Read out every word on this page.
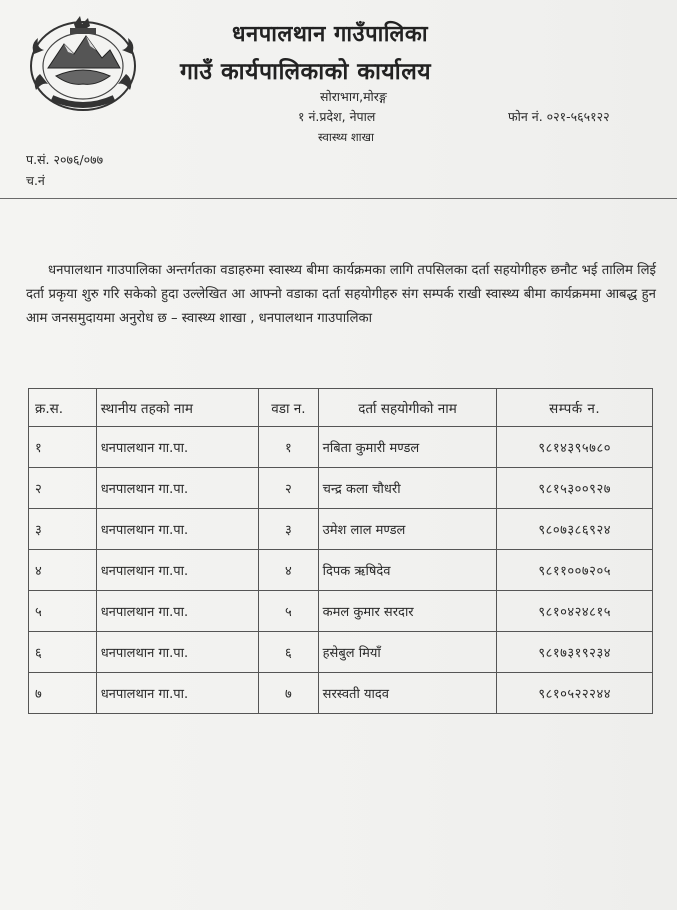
धनपालथान गाउँपालिका
गाउँ कार्यपालिकाको कार्यालय
सोराभाग,मोरङ्ग
१ नं.प्रदेश, नेपाल	फोन नं. ०२१-५६५१२२
स्वास्थ्य शाखा
प.सं. २०७६/०७७
च.नं

धनपालथान गाउपालिका अन्तर्गतका वडाहरुमा स्वास्थ्य बीमा कार्यक्रमका लागि तपसिलका दर्ता सहयोगीहरु छनौट भई तालिम लिई दर्ता प्रकृया शुरु गरि सकेको हुदा उल्लेखित आ आफ्नो वडाका दर्ता सहयोगीहरु संग सम्पर्क राखी स्वास्थ्य बीमा कार्यक्रममा आबद्ध हुन आम जनसमुदायमा अनुरोध छ – स्वास्थ्य शाखा , धनपालथान गाउपालिका

क्र.स.	स्थानीय तहको नाम	वडा न.	दर्ता सहयोगीको नाम	सम्पर्क न.
१	धनपालथान गा.पा.	१	नबिता कुमारी मण्डल	९८१४३९५७८०
२	धनपालथान गा.पा.	२	चन्द्र कला चौधरी	९८१५३००९२७
३	धनपालथान गा.पा.	३	उमेश लाल मण्डल	९८०७३८६९२४
४	धनपालथान गा.पा.	४	दिपक ऋषिदेव	९८११००७२०५
५	धनपालथान गा.पा.	५	कमल कुमार सरदार	९८१०४२४८१५
६	धनपालथान गा.पा.	६	हसेबुल मियाँ	९८१७३१९२३४
७	धनपालथान गा.पा.	७	सरस्वती यादव	९८१०५२२२४४
